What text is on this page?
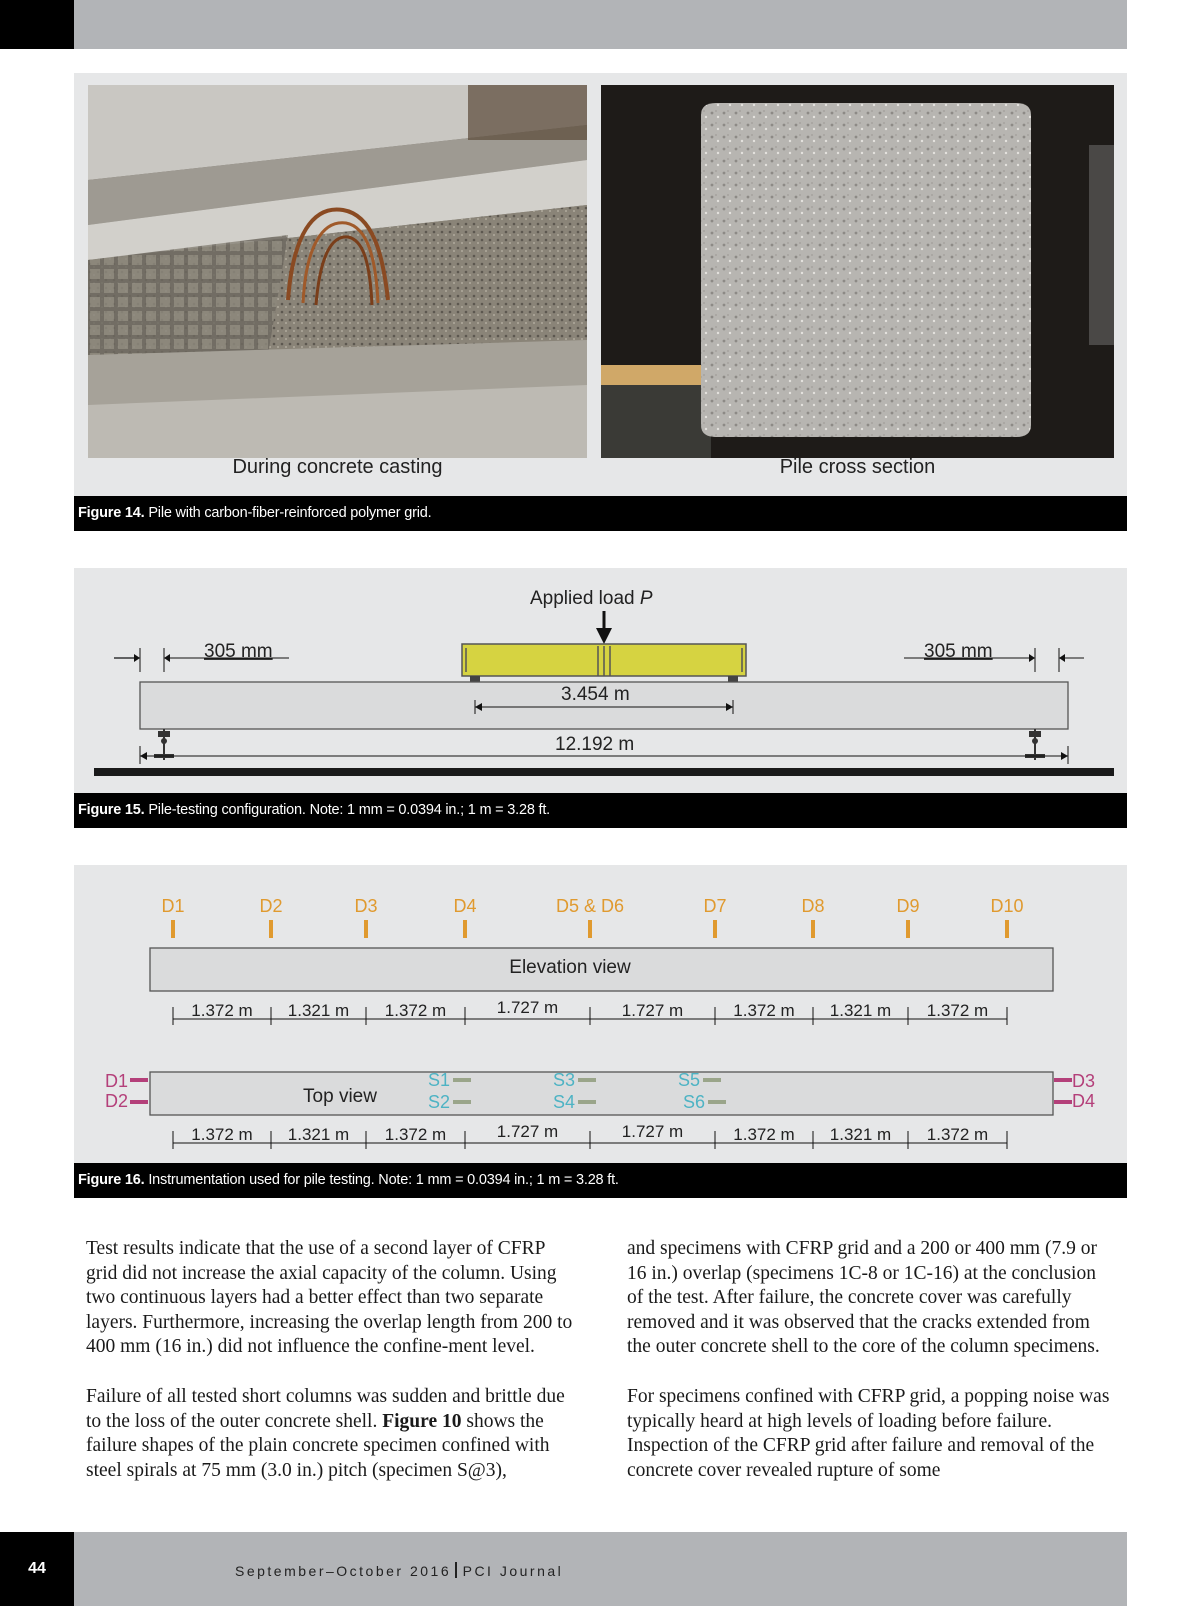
During concrete casting	Pile cross section
Figure 14. Pile with carbon-fiber-reinforced polymer grid.
Applied load P
305 mm	305 mm
3.454 m
12.192 m
Figure 15. Pile-testing configuration. Note: 1 mm = 0.0394 in.; 1 m = 3.28 ft.
Elevation view
Top view
D1	D2	D3	D4	D5 & D6	D7	D8	D9	D10
1.372 m 1.321 m 1.372 m	1.727 m	1.727 m	1.372 m 1.321 m 1.372 m
1.372 m 1.321 m 1.372 m	1.727 m	1.727 m	1.372 m 1.321 m 1.372 m
D1
D2
D3
D4
S1
S2
S3
S4
S5
S6
Figure 16. Instrumentation used for pile testing. Note: 1 mm = 0.0394 in.; 1 m = 3.28 ft.

Test results indicate that the use of a second layer of CFRP grid did not increase the axial capacity of the column. Using two continuous layers had a better effect than two separate layers. Furthermore, increasing the overlap length from 200 to 400 mm (16 in.) did not influence the confine-ment level.

Failure of all tested short columns was sudden and brittle due to the loss of the outer concrete shell. Figure 10 shows the failure shapes of the plain concrete specimen confined with steel spirals at 75 mm (3.0 in.) pitch (specimen S@3),

and specimens with CFRP grid and a 200 or 400 mm (7.9 or 16 in.) overlap (specimens 1C-8 or 1C-16) at the conclusion of the test. After failure, the concrete cover was carefully removed and it was observed that the cracks extended from the outer concrete shell to the core of the column specimens.

For specimens confined with CFRP grid, a popping noise was typically heard at high levels of loading before failure. Inspection of the CFRP grid after failure and removal of the concrete cover revealed rupture of some

44	September–October 2016 PCI Journal
